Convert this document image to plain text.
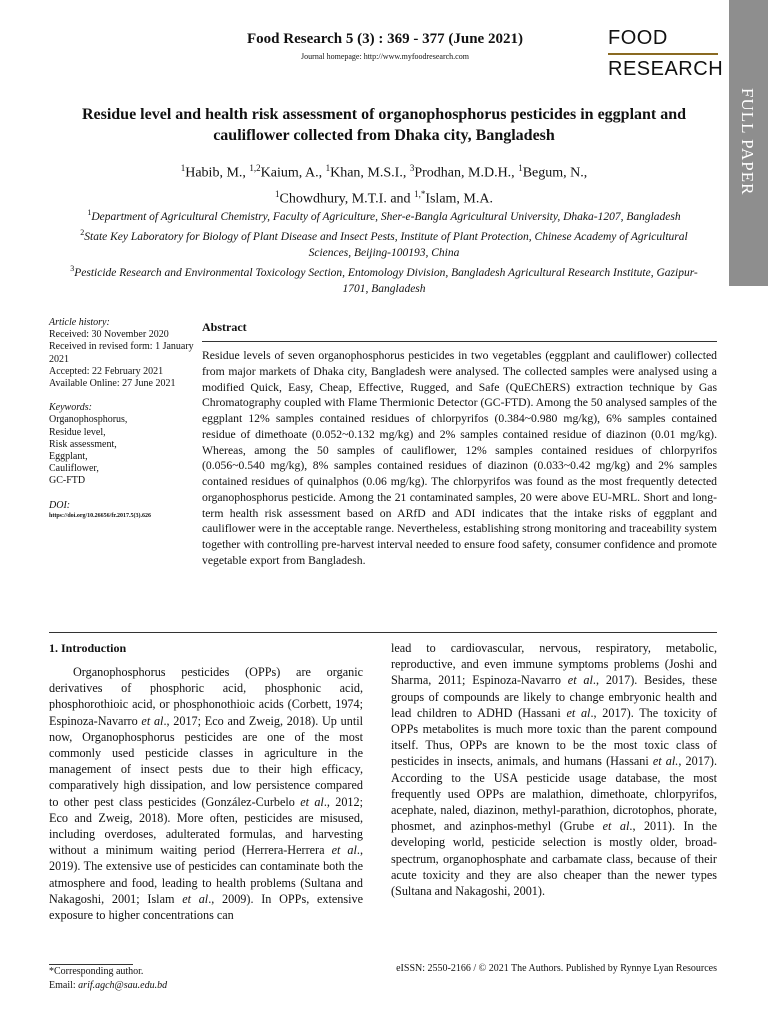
Food Research 5 (3) : 369 - 377 (June 2021)
Journal homepage: http://www.myfoodresearch.com
FOOD
RESEARCH
FULL PAPER
Residue level and health risk assessment of organophosphorus pesticides in eggplant and cauliflower collected from Dhaka city, Bangladesh
$^1$Habib, M., $^{1,2}$Kaium, A., $^1$Khan, M.S.I., $^3$Prodhan, M.D.H., $^1$Begum, N.,
$^1$Chowdhury, M.T.I. and $^{1,*}$Islam, M.A.

$^1$Department of Agricultural Chemistry, Faculty of Agriculture, Sher-e-Bangla Agricultural University, Dhaka-1207, Bangladesh

$^2$State Key Laboratory for Biology of Plant Disease and Insect Pests, Institute of Plant Protection, Chinese Academy of Agricultural Sciences, Beijing-100193, China

$^3$Pesticide Research and Environmental Toxicology Section, Entomology Division, Bangladesh Agricultural Research Institute, Gazipur-1701, Bangladesh

Article history:
Received: 30 November 2020
Received in revised form: 1 January 2021
Accepted: 22 February 2021
Available Online: 27 June 2021
Keywords:
Organophosphorus,
Residue level,
Risk assessment,
Eggplant,
Cauliflower,
GC-FTD
DOI:
https://doi.org/10.26656/fr.2017.5(3).626
Abstract
Residue levels of seven organophosphorus pesticides in two vegetables (eggplant and cauliflower) collected from major markets of Dhaka city, Bangladesh were analysed. The collected samples were analysed using a modified Quick, Easy, Cheap, Effective, Rugged, and Safe (QuEChERS) extraction technique by Gas Chromatography coupled with Flame Thermionic Detector (GC-FTD). Among the 50 analysed samples of the eggplant 12% samples contained residues of chlorpyrifos (0.384~0.980 mg/kg), 6% samples contained residue of dimethoate (0.052~0.132 mg/kg) and 2% samples contained residue of diazinon (0.01 mg/kg). Whereas, among the 50 samples of cauliflower, 12% samples contained residues of chlorpyrifos (0.056~0.540 mg/kg), 8% samples contained residues of diazinon (0.033~0.42 mg/kg) and 2% samples contained residues of quinalphos (0.06 mg/kg). The chlorpyrifos was found as the most frequently detected organophosphorus pesticide. Among the 21 contaminated samples, 20 were above EU-MRL. Short and long-term health risk assessment based on ARfD and ADI indicates that the intake risks of eggplant and cauliflower were in the acceptable range. Nevertheless, establishing strong monitoring and traceability system together with controlling pre-harvest interval needed to ensure food safety, consumer confidence and promote vegetable export from Bangladesh.
1. Introduction
Organophosphorus pesticides (OPPs) are organic derivatives of phosphoric acid, phosphonic acid, phosphorothioic acid, or phosphonothioic acids (Corbett, 1974; Espinoza-Navarro et al., 2017; Eco and Zweig, 2018). Up until now, Organophosphorus pesticides are one of the most commonly used pesticide classes in agriculture in the management of insect pests due to their high efficacy, comparatively high dissipation, and low persistence compared to other pest class pesticides (González-Curbelo et al., 2012; Eco and Zweig, 2018). More often, pesticides are misused, including overdoses, adulterated formulas, and harvesting without a minimum waiting period (Herrera-Herrera et al., 2019). The extensive use of pesticides can contaminate both the atmosphere and food, leading to health problems (Sultana and Nakagoshi, 2001; Islam et al., 2009). In OPPs, extensive exposure to higher concentrations can
lead to cardiovascular, nervous, respiratory, metabolic, reproductive, and even immune symptoms problems (Joshi and Sharma, 2011; Espinoza-Navarro et al., 2017). Besides, these groups of compounds are likely to change embryonic health and lead children to ADHD (Hassani et al., 2017). The toxicity of OPPs metabolites is much more toxic than the parent compound itself. Thus, OPPs are known to be the most toxic class of pesticides in insects, animals, and humans (Hassani et al., 2017). According to the USA pesticide usage database, the most frequently used OPPs are malathion, dimethoate, chlorpyrifos, acephate, naled, diazinon, methyl-parathion, dicrotophos, phorate, phosmet, and azinphos-methyl (Grube et al., 2011). In the developing world, pesticide selection is mostly older, broad-spectrum, organophosphate and carbamate class, because of their acute toxicity and they are also cheaper than the newer types (Sultana and Nakagoshi, 2001).
*Corresponding author.
Email: arif.agch@sau.edu.bd
eISSN: 2550-2166 / © 2021 The Authors. Published by Rynnye Lyan Resources
